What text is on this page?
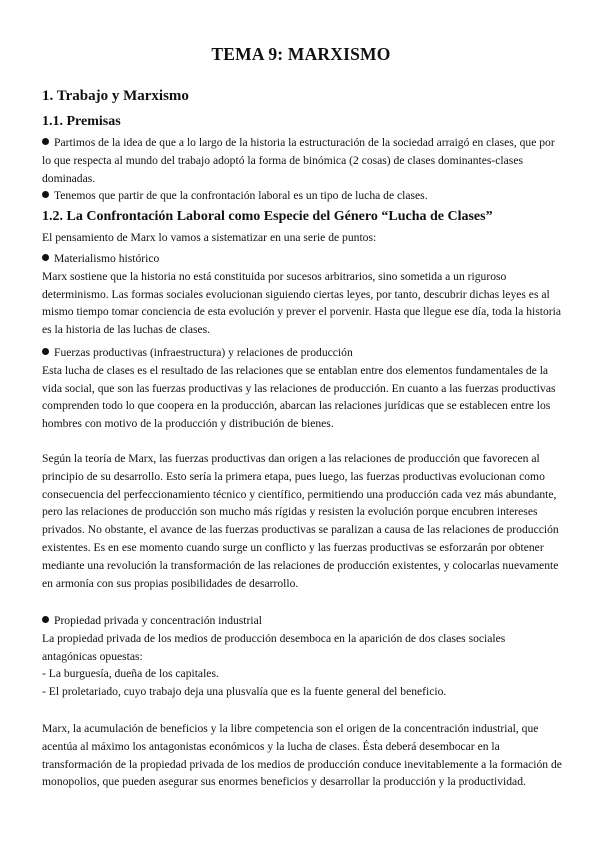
TEMA 9: MARXISMO
1. Trabajo y Marxismo
1.1. Premisas

Partimos de la idea de que a lo largo de la historia la estructuración de la sociedad arraigó en clases, que por lo que respecta al mundo del trabajo adoptó la forma de binómica (2 cosas) de clases dominantes-clases dominadas.

Tenemos que partir de que la confrontación laboral es un tipo de lucha de clases.

1.2. La Confrontación Laboral como Especie del Género “Lucha de Clases”

El pensamiento de Marx lo vamos a sistematizar en una serie de puntos:

Materialismo histórico

Marx sostiene que la historia no está constituida por sucesos arbitrarios, sino sometida a un riguroso determinismo. Las formas sociales evolucionan siguiendo ciertas leyes, por tanto, descubrir dichas leyes es al mismo tiempo tomar conciencia de esta evolución y prever el porvenir. Hasta que llegue ese día, toda la historia es la historia de las luchas de clases.

Fuerzas productivas (infraestructura) y relaciones de producción

Esta lucha de clases es el resultado de las relaciones que se entablan entre dos elementos fundamentales de la vida social, que son las fuerzas productivas y las relaciones de producción. En cuanto a las fuerzas productivas comprenden todo lo que coopera en la producción, abarcan las relaciones jurídicas que se establecen entre los hombres con motivo de la producción y distribución de bienes.

Según la teoría de Marx, las fuerzas productivas dan origen a las relaciones de producción que favorecen al principio de su desarrollo. Esto sería la primera etapa, pues luego, las fuerzas productivas evolucionan como consecuencia del perfeccionamiento técnico y científico, permitiendo una producción cada vez más abundante, pero las relaciones de producción son mucho más rígidas y resisten la evolución porque encubren intereses privados. No obstante, el avance de las fuerzas productivas se paralizan a causa de las relaciones de producción existentes. Es en ese momento cuando surge un conflicto y las fuerzas productivas se esforzarán por obtener mediante una revolución la transformación de las relaciones de producción existentes, y colocarlas nuevamente en armonía con sus propias posibilidades de desarrollo.

Propiedad privada y concentración industrial

La propiedad privada de los medios de producción desemboca en la aparición de dos clases sociales antagónicas opuestas:

- La burguesía, dueña de los capitales.

- El proletariado, cuyo trabajo deja una plusvalía que es la fuente general del beneficio.

Marx, la acumulación de beneficios y la libre competencia son el origen de la concentración industrial, que acentúa al máximo los antagonistas económicos y la lucha de clases. Ésta deberá desembocar en la transformación de la propiedad privada de los medios de producción conduce inevitablemente a la formación de monopolios, que pueden asegurar sus enormes beneficios y desarrollar la producción y la productividad.
